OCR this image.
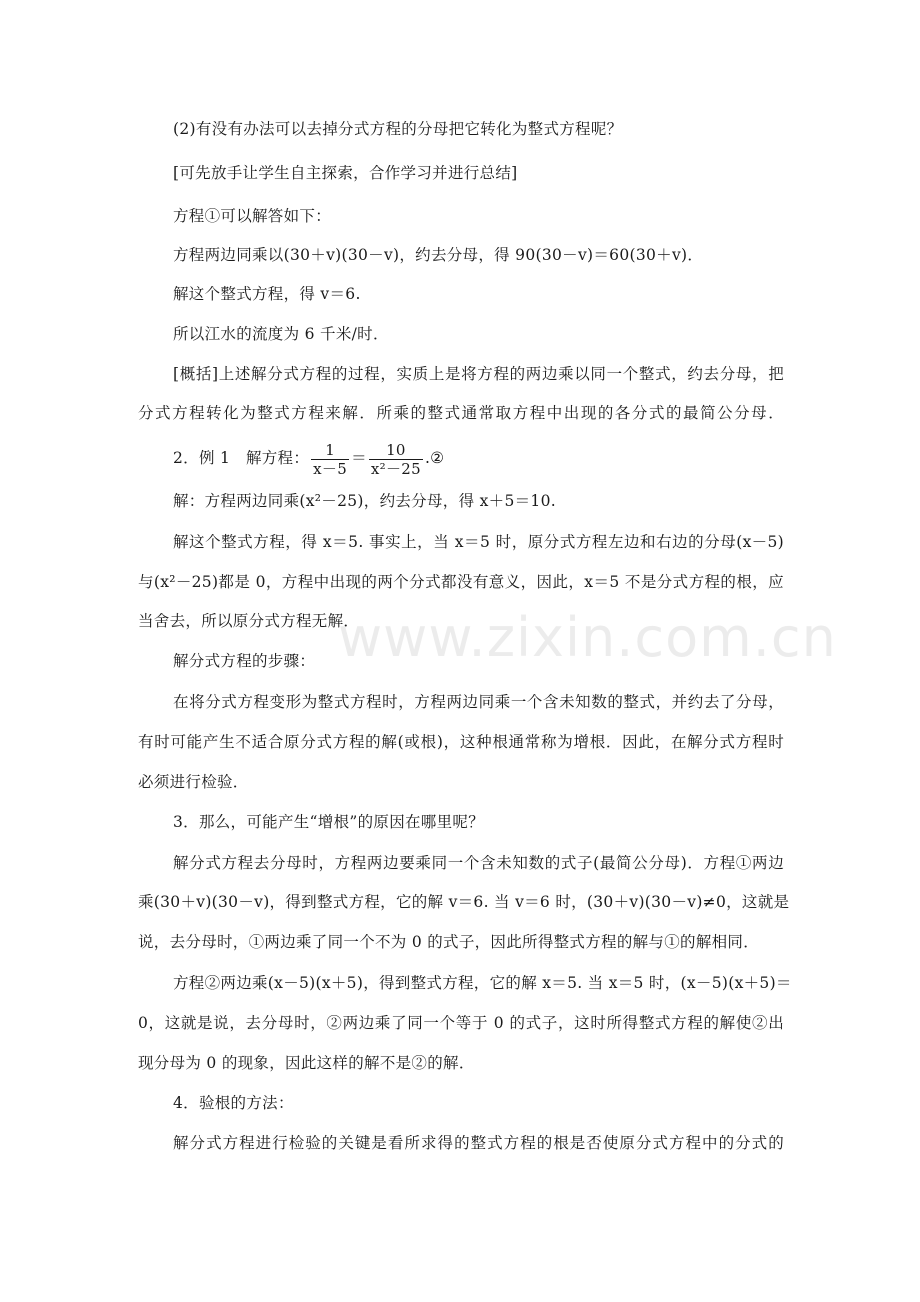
(2)有没有办法可以去掉分式方程的分母把它转化为整式方程呢？
[可先放手让学生自主探索，合作学习并进行总结]
方程①可以解答如下：
方程两边同乘以(30＋v)(30－v)，约去分母，得 90(30－v)＝60(30＋v)．
解这个整式方程，得 v＝6.
所以江水的流度为 6 千米/时．
[概括]上述解分式方程的过程，实质上是将方程的两边乘以同一个整式，约去分母，把
分式方程转化为整式方程来解．所乘的整式通常取方程中出现的各分式的最简公分母．
2．例 1　解方程： $\frac{1}{x-5} = \frac{10}{\text{x²－25}}$ .②
解：方程两边同乘(x²－25)，约去分母，得 x＋5＝10.
解这个整式方程，得 x＝5. 事实上，当 x＝5 时，原分式方程左边和右边的分母(x－5)
与(x²－25)都是 0，方程中出现的两个分式都没有意义，因此，x＝5 不是分式方程的根，应
当舍去，所以原分式方程无解．
解分式方程的步骤：
在将分式方程变形为整式方程时，方程两边同乘一个含未知数的整式，并约去了分母，
有时可能产生不适合原分式方程的解(或根)，这种根通常称为增根．因此，在解分式方程时
必须进行检验．
3．那么，可能产生“增根”的原因在哪里呢？
解分式方程去分母时，方程两边要乘同一个含未知数的式子(最简公分母)．方程①两边
乘(30＋v)(30－v)，得到整式方程，它的解 v＝6. 当 v＝6 时，(30＋v)(30－v)≠0，这就是
说，去分母时，①两边乘了同一个不为 0 的式子，因此所得整式方程的解与①的解相同．
方程②两边乘(x－5)(x＋5)，得到整式方程，它的解 x＝5. 当 x＝5 时，(x－5)(x＋5)＝
0，这就是说，去分母时，②两边乘了同一个等于 0 的式子，这时所得整式方程的解使②出
现分母为 0 的现象，因此这样的解不是②的解．
4．验根的方法：
解分式方程进行检验的关键是看所求得的整式方程的根是否使原分式方程中的分式的
www.zixin.com.cn
